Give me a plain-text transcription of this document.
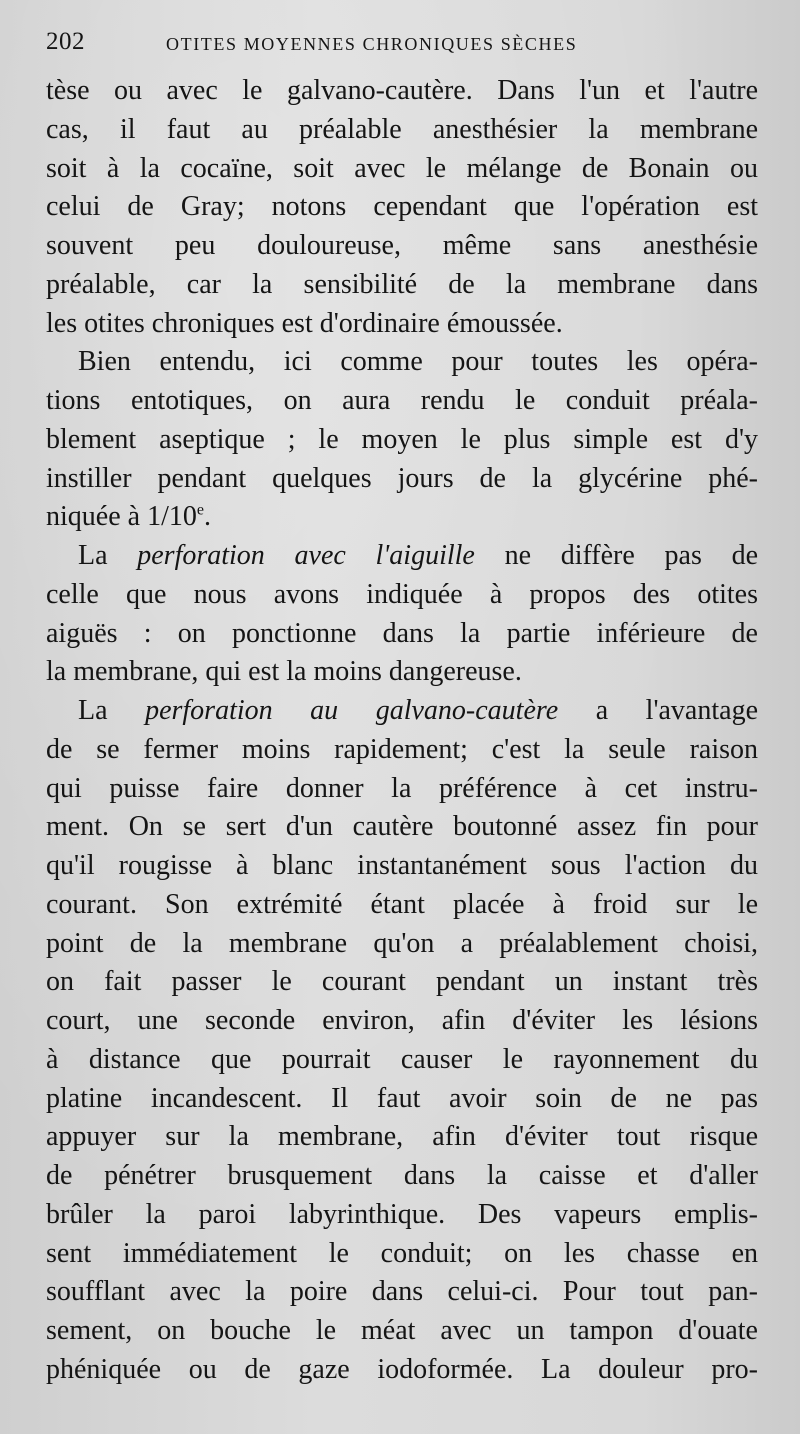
202	OTITES MOYENNES CHRONIQUES SÈCHES
tèse ou avec le galvano-cautère. Dans l'un et l'autre
cas, il faut au préalable anesthésier la membrane
soit à la cocaïne, soit avec le mélange de Bonain ou
celui de Gray; notons cependant que l'opération est
souvent peu douloureuse, même sans anesthésie
préalable, car la sensibilité de la membrane dans
les otites chroniques est d'ordinaire émoussée.
Bien entendu, ici comme pour toutes les opéra-
tions entotiques, on aura rendu le conduit préala-
blement aseptique ; le moyen le plus simple est d'y
instiller pendant quelques jours de la glycérine phé-
niquée à 1/10e.
La perforation avec l'aiguille ne diffère pas de
celle que nous avons indiquée à propos des otites
aiguës : on ponctionne dans la partie inférieure de
la membrane, qui est la moins dangereuse.
La perforation au galvano-cautère a l'avantage
de se fermer moins rapidement; c'est la seule raison
qui puisse faire donner la préférence à cet instru-
ment. On se sert d'un cautère boutonné assez fin pour
qu'il rougisse à blanc instantanément sous l'action du
courant. Son extrémité étant placée à froid sur le
point de la membrane qu'on a préalablement choisi,
on fait passer le courant pendant un instant très
court, une seconde environ, afin d'éviter les lésions
à distance que pourrait causer le rayonnement du
platine incandescent. Il faut avoir soin de ne pas
appuyer sur la membrane, afin d'éviter tout risque
de pénétrer brusquement dans la caisse et d'aller
brûler la paroi labyrinthique. Des vapeurs emplis-
sent immédiatement le conduit; on les chasse en
soufflant avec la poire dans celui-ci. Pour tout pan-
sement, on bouche le méat avec un tampon d'ouate
phéniquée ou de gaze iodoformée. La douleur pro-
